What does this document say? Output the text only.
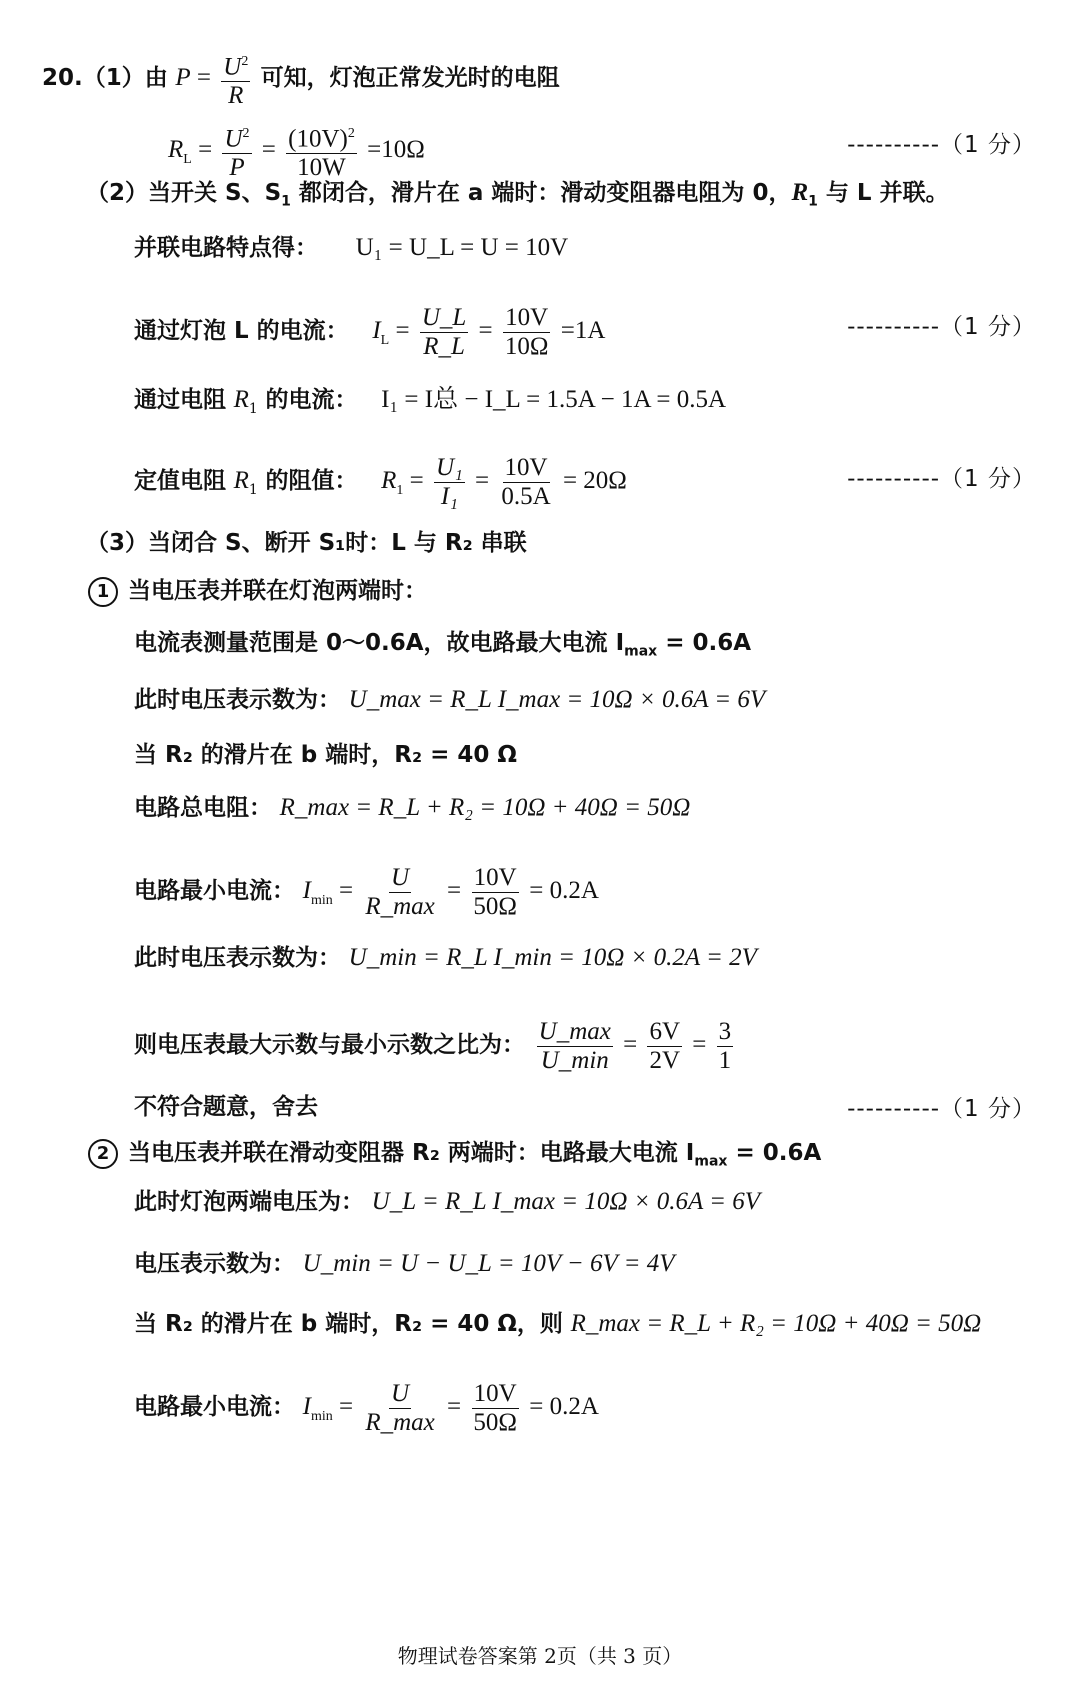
20.（1）由 $P = \frac{U^2}{R}$ 可知，灯泡正常发光时的电阻
$R_L = \frac{U^2}{P} = \frac{(10V)^2}{10W} =10\Omega$	----------（1 分）
（2）当开关 S、$S_1$ 都闭合，滑片在 a 端时：滑动变阻器电阻为 0，$R_1$ 与 L 并联。
并联电路特点得： U₁ = U_L = U = 10V
通过灯泡 L 的电流： $I_L = \frac{U\_L}{R\_L} = \frac{10V}{10\Omega} =1A$	----------（1 分）
通过电阻 $R_1$ 的电流： I₁ = I总 − I_L = 1.5A − 1A = 0.5A
定值电阻 $R_1$ 的阻值： $R_1 = \frac{\text{U₁}}{\text{I₁}} = \frac{10V}{0.5A} = 20\Omega$	----------（1 分）
（3）当闭合 S、断开 S₁时：L 与 R₂ 串联
1 当电压表并联在灯泡两端时：
电流表测量范围是 0～0.6A，故电路最大电流 $I_{max} = 0.6A$
此时电压表示数为： U_max = R_L I_max = 10Ω × 0.6A = 6V
当 R₂ 的滑片在 b 端时，R₂ = 40 Ω
电路总电阻： R_max = R_L + R₂ = 10Ω + 40Ω = 50Ω
电路最小电流： $I_{min} = \frac{U}{R\_\max} = \frac{10V}{50\Omega} = 0.2A$
此时电压表示数为： U_min = R_L I_min = 10Ω × 0.2A = 2V
则电压表最大示数与最小示数之比为： $\frac{U\_\max}{U\_\min} = \frac{6V}{2V} = \frac{3}{1}$
不符合题意，舍去	----------（1 分）
2 当电压表并联在滑动变阻器 R₂ 两端时：电路最大电流 $I_{max} = 0.6A$
此时灯泡两端电压为： U_L = R_L I_max = 10Ω × 0.6A = 6V
电压表示数为： U_min = U − U_L = 10V − 6V = 4V
当 R₂ 的滑片在 b 端时，R₂ = 40 Ω，则 R_max = R_L + R₂ = 10Ω + 40Ω = 50Ω
电路最小电流： $I_{min} = \frac{U}{R\_\max} = \frac{10V}{50\Omega} = 0.2A$
物理试卷答案第 2页（共 3 页）
